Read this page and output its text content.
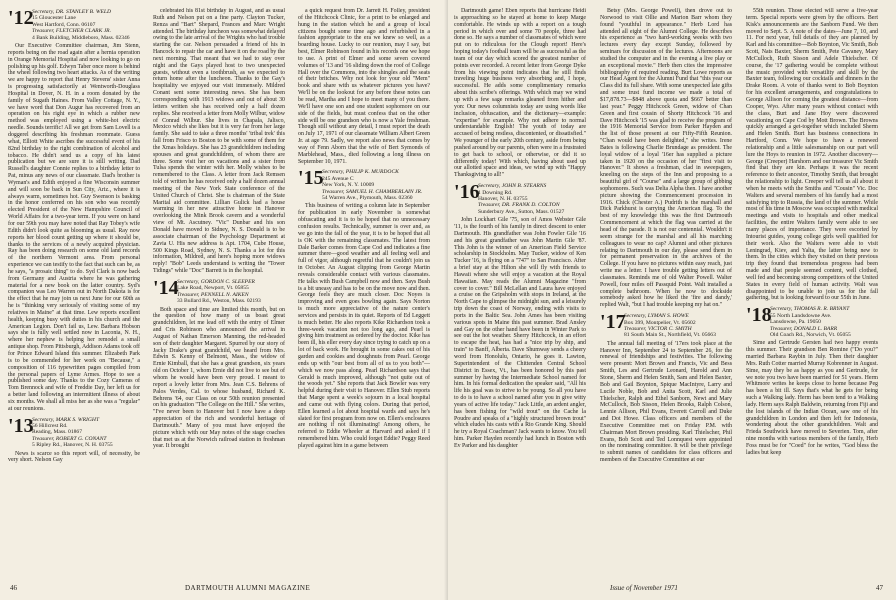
' 12
Secretary, DR. STANLEY B. WELD
15 Gloucester Lane
West Hartford, Conn. 06107
Treasurer, FLETCHER CLARK JR.
4 Bank Building, Middleboro, Mass. 02346

Our Executive Committee chairman, Jim Stenn, reports being on the road again after a hernia operation in Orange Memorial Hospital and now looking to go on polishing up his golf. Edwyn Taber once more is behind the wheel following two heart attacks. As of the writing we are happy to report that Henry Stevens' sister Anna is progressing satisfactorily at Wentworth-Douglass Hospital in Dover, N. H. in a room donated by the family of Sugath Haines. From Valley Cottage, N. Y., we have word that Don Augur has recovered from an operation on his right eye in which a rubber new method was employed using a white-hot electric needle. Sounds terrific! All we get from Sam Lovell is a doggerel describing his freshman roommate. Guess what, Elliott White ascribes the successful event of his 82nd birthday to the right combination of alcohol and tobacco. He didn't send us a copy of his latest publication but we are sure it is still writing. Dad Russell's daughter Connie replies to a birthday letter to Pat, minus any news of our classmate. Dad's brother is Wyman's and Edith enjoyed a fine Wisconsin summer and will soon be back in Sun City, Ariz., where it is always warm, sometimes hot. Guy Swenson is basking in the honor conferred on his son who was recently elected President of the New Hampshire Council of World Affairs for a two-year term. If you were on hand for our 59th you may have noted that Ray Tobey's wife Edith didn't look quite as blooming as usual. Ray now reports her blood count getting up where it should be, thanks to the services of a newly acquired physician. Ray has been doing research on some old land records of the northern Vermont area. From personal experience we can testify to the fact that such can be, as he says, "a prosaic thing" to do. Syd Clark is now back from Germany and Austria where he was gathering material for a new book on the latter country. Syd's companion was Leo Warren out in North Dakota is for the effect that he may join us next June for our 60th as he is "thinking very seriously of visiting some of my relatives in Maine" at that time. Lew reports excellent health, keeping busy with duties in his church and the American Legion. Don't fail us, Lew. Barbara Hobson says she is fully well settled now in Laconia, N. H., where her nephew is helping her remodel a small antique shop. From Pittsburgh, Addison Adams took off for Prince Edward Island this summer. Elizabeth Park is to be commended for her work on "Because," a composition of 116 typewritten pages compiled from the personal papers of Lyme Armes. Hope to see a published some day. Thanks to the Cozy Cameras of Tom Brennock and wife of Freddie Day, her left us for a better land following an intermittent illness of about six months. We shall all miss her as she was a "regular" at our reunions.

' 13
Secretary, MARK S. WRIGHT
56 Hillcrest Rd.
Reading, Mass. 01867
Treasurer, ROBERT G. CONANT
5 Ripley Rd., Hanover, N. H. 03755

News is scarce so this report will, of necessity, be very short. Nelson Gay

celebrated his 81st birthday in August, and as usual Ruth and Nelson put on a fine party. Clayton Tucker, Renza and "Bart" Shepard, Frances and Marc Wright attended. The birthday luncheon was somewhat delayed owing to the late arrival of the Wrights who had trouble starting the car. Nelson persuaded a friend of his in Hancock to repair the car and have it on the road by the next morning. That meant that we had to stay over night and the Gays played host to two unexpected guests, without even a toothbrush, as we expected to return home after the luncheon. Thanks to the Gay's hospitality we enjoyed our visit immensely. Mildred Conant sent some interesting news. She has been corresponding with 1913 widows and out of about 30 letters written she has received only a half dozen replies. She received a letter from Molly Wilbur, widow of Conrad Wilbur. She lives in Chapala, Jalisco, Mexico which she likes but it is very far from her large family. She said to take a three months' 'tribal trek' this fall from Frisco to Boston to be with some of them for the Xmas holidays. She has 23 grandchildren including spouses and great grandchildren, of whom there are three. Some visit her on vacations and a sister from Tulsa spends the winter with her. Molly wishes to be remembered to the Class. A letter from Jack Remsen told of written he has received only a half dozen annual meeting of the New York State conference of the United Church of Christ. She is chairman of the State Marital aid committee. Lillian Gulick had a house warming in her new attractive home in Hanover overlooking the Mink Brook cavern and a wonderful view of Mt. Ascutney. "Vic" Dunbar and his son Donald have moved to Sidney, N. S. Donald is to be associate chairman of the Psychology Department at Zavia U. His new address is Apt. 1704, Cube House, 500 Kings Road, Sydney, N. S. Thanks a lot for this information, Mildred, and here's hoping more widows reply! "Bob" Leeds understand is writing the "Tower Tidings" while "Doc" Barrett is in the hospital.

' 14
Secretary, GORDON C. SLEEPER
Lake Road, Newport, Vt. 05855
Treasurer, PENNELL N. AIKEN
33 Bullard Rd., Weston, Mass. 02193

Both space and time are limited this month, but on the question of how many of us boast great grandchildren, let me lead off with the entry of Elmer and Cris Robinson who announced the arrival in August of Nathan Emerson Manning, the red-headed son of their daughter Margaret. Spurred by our story of Jacky Drake's great grandchild, we heard from Mrs. Edwin S. Kenny of Belmont, Mass., the widow of Ernie Kimball, that she has a great grandson, six years old on October 1, whom Ernie did not live to see but of whom he would have been very proud. I meant to report a lovely letter from Mrs. Jean C.S. Behrens of Palos Verdes, Cal. to whose husband, Richard K. Behrens '64, our Class on our 50th reunion presented on his graduation "The College on the Hill." She writes, "I've never been to Hanover but I now have a deep appreciation of the rich and wonderful heritage of Dartmouth." Many of you must have enjoyed the picture which with our May notes of the stage coaches that met us at the Norwich railroad station in freshman year. It brought

a quick request from Dr. Jarrett H. Folley, president of the Hitchcock Clinic, for a print to be enlarged and hung in the station which he and a group of local citizens bought some time ago and refurbished in a fashion appropriate to the era we knew so well, as a boarding house. Lucky to our reunion, may I say, but best, Elmer Robinson found in his records one we hope to use. A print of Elmer and some seven covered volumes of '13 and '16 sliding down the roof of College Hall over the Commons, into the shingles and the seats of their britches. Why not look for your old "Mem" book and share with us whatever pictures you have? We'll be on the lookout for any before these notes can be read, Martha and I hope to meet many of you there. We'll have one son and one student sophomore on our side of the fields, but must confess that on the other side will be one grandson who is now a Yale freshman. Though still without any detail, I must report the death on July 17, 1971 of our classmate William Albert Green Jr. at age 79. Sadly, we report also news that comes by way of Fenn Aborn that the wife of Bert Symonds of Marblehead, Mass., died following a long illness on September 10, 1971.

' 15
Secretary, PHILIP K. MURDOCK
245 Avenue C
New York, N. Y. 10009
Treasurer, SAMUEL H. CHAMBERLAIN JR.
54 Warren Ave., Plymouth, Mass. 02360

This business of writing a column late in September for publication in early November is somewhat obfuscating and it is to be hoped that no unnecessary confusion results. Technically, summer is over and, as we go into the fall of the year, it is to be hoped that all is OK with the remaining classmates. The latest from Dale Barker comes from Cape Cod and indicates a fine summer there—good weather and all feeling well and full of vigor, although regretful that he couldn't join us in October. An August clipping from George Martin reveals considerable contact with various classmates. He talks with Bush Campbell now and then. Says Bush is a bit uneasy and has to be on the move now and then. George feels they are much closer. Doc Noyes is improving and even goes bowling again. Says Norton is much more appreciative of the nature center's services and persists in its quiet. Reports of Ed Leggett is much better. He also reports Kike Richardson took a three-week vacation not too long ago, and Pearl is giving him treatment as ordered by the doctor. Kike has been ill, his eller every day since trying to catch up on a lot of back work. He brought in some cakes out of his garden and cookies and doughnuts from Pearl. George ends up with "our best from all of us to you both"—which we now pass along. Pearl Richardson says that Gerald is much improved, although "not quite out of the woods yet." She reports that Jack Bowler was very helpful during their visit to Hanover. Ellen Stub reports that Marge spent a week's sojourn in a local hospital and came out with flying colors. During that period, Ellen learned a lot about hospital wards and says he's slated for first program from now on. Ellen's enclosures are nothing if not illuminating! Among others, he referred to Eddie Wheeler at Harvard and asked if I remembered him. Who could forget Eddie? Peggy Reed played against him in a game between

46	DARTMOUTH ALUMNI MAGAZINE

Dartmouth game! Eben reports that hurricane Heidi is approaching so he stayed at home to keep Marge comfortable. He winds up with a report on a tough period in which over and some 70 people, three had done so. He says a number of classmates of which were put on to ridiculous for the Clough report! Here's hoping today's football team will be as successful as the team of our day which scored the greatest number of points ever recorded. A recent letter from George Dyke from his viewing point indicates that he still finds traveling huge business very absorbing and, I hope, successful. He adds some complimentary remarks about this scribe's offerings. With which may we wind up with a few sage remarks gleaned from hither and yon: Our news columnists today are using words like inclusion, obfuscation, and the dictionary—example: "expertise" for example. Why not adhere to normal understandable English! The youth of today are accused of being restless, discontented, or dissatisfied." We younger of the early 20th century, aside from being pushed around by our parents, often were in a frustrated to get back to school, or otherwise, or did it so differently today! With which, having about used up our allotted space and ideas, we wind up with "Happy Thanksgiving to all!"

' 16
Secretary, JOHN B. STEARNS
1 Downing Rd.
Hanover, N. H. 03755
Treasurer, DR. FRANK D. COLTON
Sunderbury Ave., Sutton, Mass. 01527

John Lockhart Gile '75, son of Amos Webster Gile '11, is the fourth of his family in direct descent to enter Dartmouth. His grandfather was John Fowler Gile '16 and his great grandfather was John Martin Gile '87. This John is the winner of an American Field Service scholarship in Stockholm. May Tucker, widow of Ken Tucker '16, is flying on a "747" to San Francisco. After a brief stay at the Hilton she will fly with friends to Hawaii where she will enjoy a vacation at the Royal Hawaiian. May reads the Alumni Magazine "from cover to cover." Bill McLellan and Laura have enjoyed a cruise on the Gripsholm with stops in Ireland, at the North Cape to glimpse the midnight sun, and a leisurely trip down the coast of Norway, ending with visits to ports in the Baltic Sea. John Ames has been visiting various spots in Maine this past summer. Brad Ansley and Gay on the other hand have been in Winter Park to see out the hot weather. Sherry Hitchcock, in an effort to escape the heat, has had a "nice trip by ship, and train" to Banff, Alberta. Dave Shumway sends a cheery word from Honolulu, Ontario, he goes it. Lawton, Superintendent of the Chittenden Central School District in Essex, Vt., has been honored by this past summer by having the Intermediate School named for him. In his formal dedication the speaker said, "All his life his goal was to strive to be young. So all you have to do is to have a school named after you in give witty years of active life today." Jack Little, an ardent angler, has been fishing for "wild trout" on the Cache la Poudre and speaks of a "highly structured brown trout" which eludes his casts with a Rio Grande King. Should he try a Royal Coachman? Jack wants to know. You tell him. Parker Hayden recently had lunch in Boston with Ev Parker and his daughter

Betsy (Mrs. George Powell), then drove out to Norwood to visit Ollie and Marion Barr whom they found "youthful in appearance." Herb Lord has attended all eight of the Alumni College. He describes his experience as "two hard-working weeks with two lectures every day except Sunday, followed by seminars for discussion of the lectures. Afternoons are studied the computer and in the evening a live play or an exceptional movie." Herb then cites the impressive bibliography of required reading. Burt Lowe reports as our Head Agent for the Alumni Fund that "this year our Class did its full share. With some unexpected late gifts and some trust fund income we made a total of $17,878.73—$848 above quota and $667 better than last year." Peggy Hitchcock Green, widow of Chan Green and first cousin of Shorty Hitchcock '16 and Dave Hitchcock '15 was glad to receive the program of the 1916 Memorial Service from Parker Hayden and the list of those present at our Fifty-Fifth Reunion. "Chan would have been delighted," she writes. Irene Bates is following Charlie Brundage as president. The loyal widow of a loyal '16er has supplied a picture taken in 1920 on the occasion of her "first visit to Hanover." It shows a freshman, clad in sweepsgers, kneeling on the steps of the Inn and proposing to a beautiful girl of "Course" and a large group of gibbing sophomores. Such was Delta Alpha then. I have another picture showing the Commencement procession in 1916. Chick (Chester A.) Pudrith is the marshall and Dick Parkhurst is carrying the American flag. To the best of my knowledge this was the first Dartmouth Commencement at which the flag was carried at the head of the parade. It is not our centennial. Wouldn't it seem strange for the marshal and all his marching colleagues to wear no cap? Alumni and other pictures relating to Dartmouth in our day, please send them in for permanent preservation in the archives of the College. If you have no pictures within easy reach, just write me a letter. I have trouble getting letters out of classmates. Reminds me of old Walter Powell. Walter Powell, four miles off Passquid Point. Walt installed a complete bathroom. When he now to dockside somebody asked how he liked the 'fire and dandy,' replied Walt, "but I had trouble keeping my hat on."

' 17
Secretary, LYMAN S. HOWE
Box 399, Montpelier, Vt. 05602
Treasurer, VICTOR C. SMITH
81 South Main St., Northfield, Vt. 05663

The annual fall meeting of '17ers took place at the Hanover Inn, September 24 to September 26, for the renewal of friendships and festivities. The following were present: Mort Brown and Francis, Vic and Bess Smith, Les and Gertrude Leonard, Harold and Ann Stone, Sherm and Helen Smith, Sam and Helen Baxter, Bob and Gail Boynton, Spique MacIntyre, Larry and Lucile Noble, Bob and Anita Scott, Karl and Julie Thielscher, Ralph and Ethel Sanborn, Newt and Mary McCulloch, Bob Sisson, Helen Brooks, Ralph Colson, Lennie Allison, Phil Evans, Everett Carroll and Duke and Dot Howe. Class officers and members of the Executive Committee met on Friday P.M. with Chairman Mort Brown presiding. Karl Thielscher, Phil Evans, Bob Scott and Ted Lonnquest were appointed on the nominating committee. It will be their privilege to submit names of candidates for class officers and members of the Executive Committee at our

55th reunion. Those elected will serve a five-year term. Special reports were given by the officers. Bert Kisk's announcements are the Sanborn Fund. We then moved to Sept. 5. A note of the dates—June 7, 10, and 11. For next year, full details of they are planned by Karl and his committee—Bob Boynton, Vic Smith, Bob Scott, Nats Baxter, Sherm Smith, Pete Cavaney, Mary McCulloch, Ruth Sisson and Adele Thielscher. Of course, the '17 gathering would be complete without the music provided with versatility and skill by the Baxter team, following our cocktails and dinners in the Drake Room. A vote of thanks went to Bob Boynton for his excellent arrangements, and congratulations to George Allison for coming the greatest distance—from Cooper, Wyo. After many years without contact with the class, Burt and Jane Hoy were discovered vacationing on Cape Cod by Mott Brown. The Browns quickly arranged a get-together which included Sherm and Helen Smith. Burt has business connections in Hartford, Conn. We hope to have a renewed relationship and a little salesmanship on our part will lure the Hoys to reunion in 1972. Another discovery—George (Creeper) Harshorn and our treasurer Vic Smith find that they are kin. Perhaps it was the recent reference to their ancestor, Timothy Smith, that brought the relationship to light. Creeper will tell us all about it when he meets with the Smiths and "Cousin" Vic. Doc Walters and several members of his family had a most satisfying trip to Russia, the land of the summer. While most of his time in Moscow was occupied with medical meetings and visits to hospitals and other medical facilities, the entire Walters family were able to see many places of importance. They were escorted by Intourist guides, young college girls well qualified for their work. Also the Walters were able to visit Leningrad, Kiev, and Yalta, the latter being new to them. In the cities which they visited on their previous trip they found that tremendous progress had been made and that people seemed content, well clothed, well fed and becoming strong competitors of the United States in every field of human activity. Walt was disappointed to be unable to join us for the fall gathering, but is looking forward to our 55th in June.

' 18
Secretary, THOMAS R. R. BRYANT
55 North Landsdowne Ave.
Lansdowne, Pa. 19050
Treasurer, DONALD L. BARR
Old Coach Rd., Norwich, Vt. 05055

Sime and Gertrude Gersten had two happy events this summer. Their grandson Ben Romine ("Do you?" married Barbara Raybin in July. Then their daughter Mrs. Ruth Cotter married Murray Kobrenner in August. Sime, may they be as happy as you and Gertrude, for we note you two have been married for 51 years. Herm Whitmore writes he keeps close to home because Peg has been a bit ill. Says that's what he gets for being such a Walking lady. Herm has been tend to a Walking lady. Herm says Ralph Baldwin, returning from Fiji and the lost islands of the Indian Ocean, saw one of his grandchildren in London and then left for Indonesia, wondering about the other grandchildren. Walt and Frieda Southwick have moved to Severien. Tom, after nine months with various members of the family, Herb Foss must be for "Coed" for he writes, "God bless the ladies but keep

Issue of November 1971	47
